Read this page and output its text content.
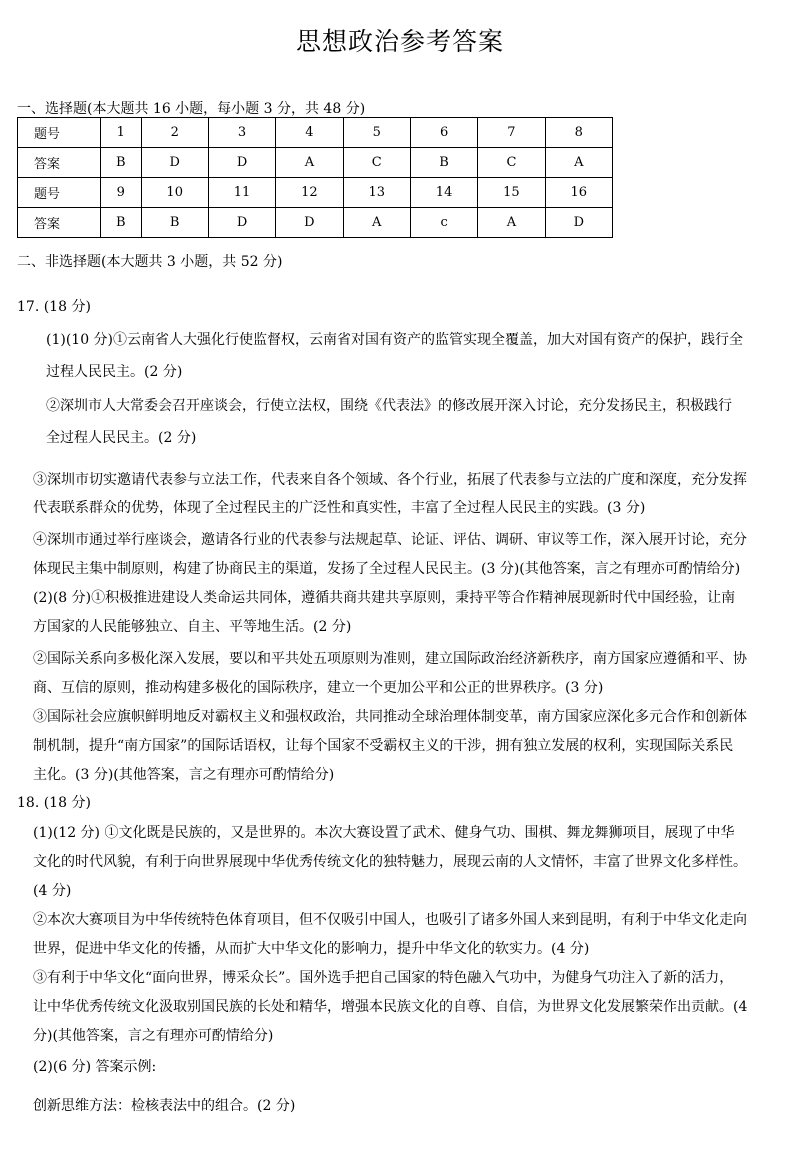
思想政治参考答案
一、选择题(本大题共 16 小题，每小题 3 分，共 48 分)
题号	1	2	3	4	5	6	7	8
答案	B	D	D	A	C	B	C	A
题号	9	10	11	12	13	14	15	16
答案	B	B	D	D	A	c	A	D
二、非选择题(本大题共 3 小题，共 52 分)
17. (18 分)
(1)(10 分)①云南省人大强化行使监督权，云南省对国有资产的监管实现全覆盖，加大对国有资产的保护，践行全
过程人民民主。(2 分)
②深圳市人大常委会召开座谈会，行使立法权，围绕《代表法》的修改展开深入讨论，充分发扬民主，积极践行
全过程人民民主。(2 分)
③深圳市切实邀请代表参与立法工作，代表来自各个领域、各个行业，拓展了代表参与立法的广度和深度，充分发挥
代表联系群众的优势，体现了全过程民主的广泛性和真实性，丰富了全过程人民民主的实践。(3 分)
④深圳市通过举行座谈会，邀请各行业的代表参与法规起草、论证、评估、调研、审议等工作，深入展开讨论，充分
体现民主集中制原则，构建了协商民主的渠道，发扬了全过程人民民主。(3 分)(其他答案，言之有理亦可酌情给分)
(2)(8 分)①积极推进建设人类命运共同体，遵循共商共建共享原则，秉持平等合作精神展现新时代中国经验，让南
方国家的人民能够独立、自主、平等地生活。(2 分)
②国际关系向多极化深入发展，要以和平共处五项原则为准则，建立国际政治经济新秩序，南方国家应遵循和平、协
商、互信的原则，推动构建多极化的国际秩序，建立一个更加公平和公正的世界秩序。(3 分)
③国际社会应旗帜鲜明地反对霸权主义和强权政治，共同推动全球治理体制变革，南方国家应深化多元合作和创新体
制机制，提升“南方国家”的国际话语权，让每个国家不受霸权主义的干涉，拥有独立发展的权利，实现国际关系民
主化。(3 分)(其他答案，言之有理亦可酌情给分)
18. (18 分)
(1)(12 分) ①文化既是民族的，又是世界的。本次大赛设置了武术、健身气功、围棋、舞龙舞狮项目，展现了中华
文化的时代风貌，有利于向世界展现中华优秀传统文化的独特魅力，展现云南的人文情怀，丰富了世界文化多样性。
(4 分)
②本次大赛项目为中华传统特色体育项目，但不仅吸引中国人，也吸引了诸多外国人来到昆明，有利于中华文化走向
世界，促进中华文化的传播，从而扩大中华文化的影响力，提升中华文化的软实力。(4 分)
③有利于中华文化“面向世界，博采众长”。国外选手把自己国家的特色融入气功中，为健身气功注入了新的活力，
让中华优秀传统文化汲取别国民族的长处和精华，增强本民族文化的自尊、自信，为世界文化发展繁荣作出贡献。(4
分)(其他答案，言之有理亦可酌情给分)
(2)(6 分) 答案示例:
创新思维方法：检核表法中的组合。(2 分)
